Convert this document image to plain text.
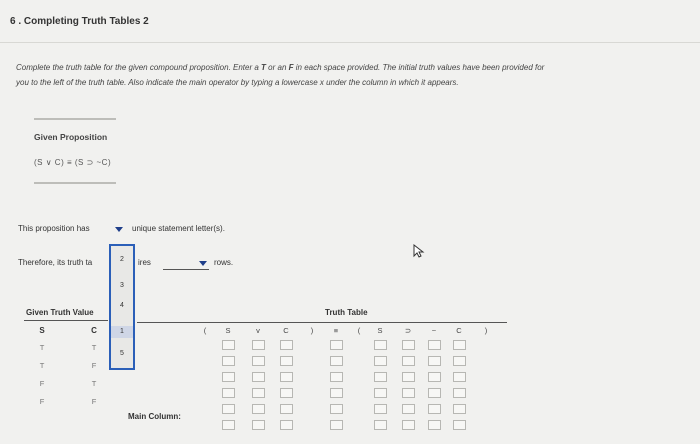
6 . Completing Truth Tables 2
Complete the truth table for the given compound proposition. Enter a T or an F in each space provided. The initial truth values have been provided for
you to the left of the truth table. Also indicate the main operator by typing a lowercase x under the column in which it appears.
Given Proposition
(S ∨ C) ≡ (S ⊃ ~C)
This proposition has	unique statement letter(s).
Therefore, its truth ta	ires	rows.
2
3
4
1
5
Given Truth Value
S	C
T	T
T	F
F	T
F	F
Truth Table
(	S	v	C	)	≡	(	S	⊃	~	C	)
Main Column:
